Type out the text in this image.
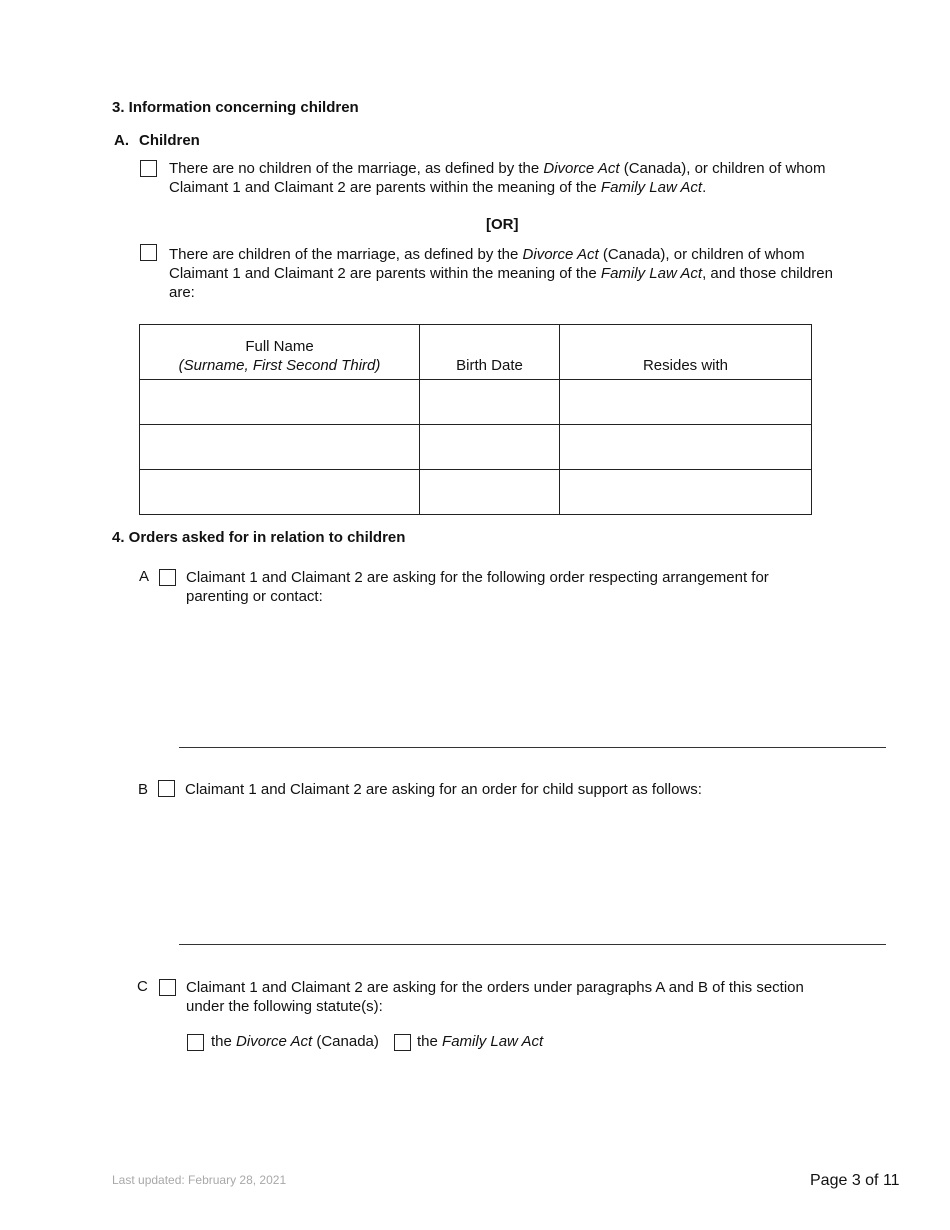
3. Information concerning children
A. Children
There are no children of the marriage, as defined by the Divorce Act (Canada), or children of whom Claimant 1 and Claimant 2 are parents within the meaning of the Family Law Act.
[OR]
There are children of the marriage, as defined by the Divorce Act (Canada), or children of whom Claimant 1 and Claimant 2 are parents within the meaning of the Family Law Act, and those children are:
Full Name
(Surname, First Second Third)	Birth Date	Resides with

4. Orders asked for in relation to children
A Claimant 1 and Claimant 2 are asking for the following order respecting arrangement for parenting or contact:
B Claimant 1 and Claimant 2 are asking for an order for child support as follows:
C	Claimant 1 and Claimant 2 are asking for the orders under paragraphs A and B of this section under the following statute(s):
the Divorce Act (Canada)	the Family Law Act
Last updated: February 28, 2021	Page 3 of 11
